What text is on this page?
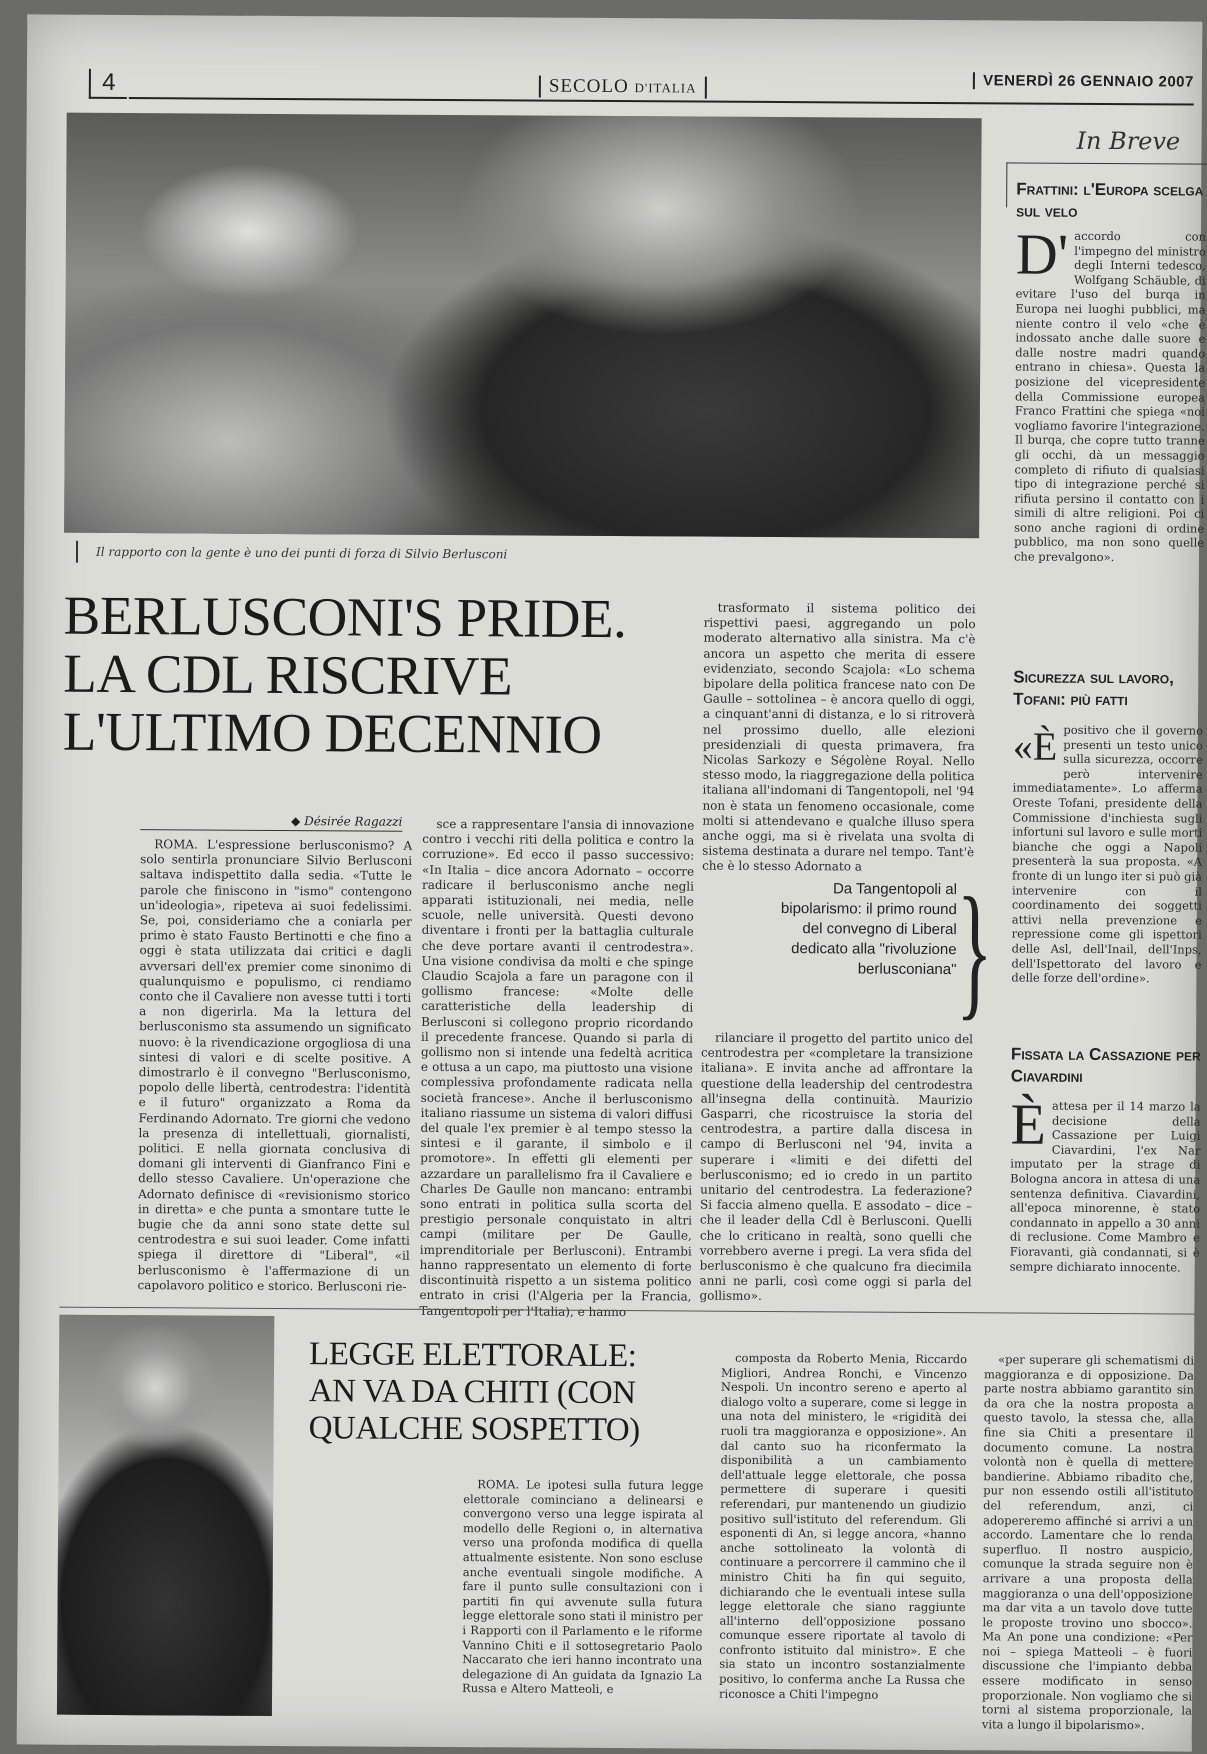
4	SECOLO D'ITALIA	VENERDÌ 26 GENNAIO 2007
Il rapporto con la gente è uno dei punti di forza di Silvio Berlusconi
BERLUSCONI'S PRIDE.
LA CDL RISCRIVE
L'ULTIMO DECENNIO
◆ Désirée Ragazzi

ROMA. L'espressione berlusconismo? A solo sentirla pronunciare Silvio Berlusconi saltava indispettito dalla sedia. «Tutte le parole che finiscono in "ismo" contengono un'ideologia», ripeteva ai suoi fedelissimi. Se, poi, consideriamo che a coniarla per primo è stato Fausto Bertinotti e che fino a oggi è stata utilizzata dai critici e dagli avversari dell'ex premier come sinonimo di qualunquismo e populismo, ci rendiamo conto che il Cavaliere non avesse tutti i torti a non digerirla. Ma la lettura del berlusconismo sta assumendo un significato nuovo: è la rivendicazione orgogliosa di una sintesi di valori e di scelte positive. A dimostrarlo è il convegno "Berlusconismo, popolo delle libertà, centrodestra: l'identità e il futuro" organizzato a Roma da Ferdinando Adornato. Tre giorni che vedono la presenza di intellettuali, giornalisti, politici. E nella giornata conclusiva di domani gli interventi di Gianfranco Fini e dello stesso Cavaliere. Un'operazione che Adornato definisce di «revisionismo storico in diretta» e che punta a smontare tutte le bugie che da anni sono state dette sul centrodestra e sui suoi leader. Come infatti spiega il direttore di "Liberal", «il berlusconismo è l'affermazione di un capolavoro politico e storico. Berlusconi rie-

sce a rappresentare l'ansia di innovazione contro i vecchi riti della politica e contro la corruzione». Ed ecco il passo successivo: «In Italia – dice ancora Adornato – occorre radicare il berlusconismo anche negli apparati istituzionali, nei media, nelle scuole, nelle università. Questi devono diventare i fronti per la battaglia culturale che deve portare avanti il centrodestra». Una visione condivisa da molti e che spinge Claudio Scajola a fare un paragone con il gollismo francese: «Molte delle caratteristiche della leadership di Berlusconi si collegono proprio ricordando il precedente francese. Quando si parla di gollismo non si intende una fedeltà acritica e ottusa a un capo, ma piuttosto una visione complessiva profondamente radicata nella società francese». Anche il berlusconismo italiano riassume un sistema di valori diffusi del quale l'ex premier è al tempo stesso la sintesi e il garante, il simbolo e il promotore». In effetti gli elementi per azzardare un parallelismo fra il Cavaliere e Charles De Gaulle non mancano: entrambi sono entrati in politica sulla scorta del prestigio personale conquistato in altri campi (militare per De Gaulle, imprenditoriale per Berlusconi). Entrambi hanno rappresentato un elemento di forte discontinuità rispetto a un sistema politico entrato in crisi (l'Algeria per la Francia, Tangentopoli per l'Italia), e hanno

trasformato il sistema politico dei rispettivi paesi, aggregando un polo moderato alternativo alla sinistra. Ma c'è ancora un aspetto che merita di essere evidenziato, secondo Scajola: «Lo schema bipolare della politica francese nato con De Gaulle – sottolinea – è ancora quello di oggi, a cinquant'anni di distanza, e lo si ritroverà nel prossimo duello, alle elezioni presidenziali di questa primavera, fra Nicolas Sarkozy e Ségolène Royal. Nello stesso modo, la riaggregazione della politica italiana all'indomani di Tangentopoli, nel '94 non è stata un fenomeno occasionale, come molti si attendevano e qualche illuso spera anche oggi, ma si è rivelata una svolta di sistema destinata a durare nel tempo. Tant'è che è lo stesso Adornato a

Da Tangentopoli al bipolarismo: il primo round del convegno di Liberal dedicato alla "rivoluzione berlusconiana" }

rilanciare il progetto del partito unico del centrodestra per «completare la transizione italiana». E invita anche ad affrontare la questione della leadership del centrodestra all'insegna della continuità. Maurizio Gasparri, che ricostruisce la storia del centrodestra, a partire dalla discesa in campo di Berlusconi nel '94, invita a superare i «limiti e dei difetti del berlusconismo; ed io credo in un partito unitario del centrodestra. La federazione? Si faccia almeno quella. E assodato – dice – che il leader della Cdl è Berlusconi. Quelli che lo criticano in realtà, sono quelli che vorrebbero averne i pregi. La vera sfida del berlusconismo è che qualcuno fra diecimila anni ne parli, così come oggi si parla del gollismo».

In Breve
Frattini: l'Europa scelga sul velo
D' accordo con l'impegno del ministro degli Interni tedesco, Wolfgang Schäuble, di evitare l'uso del burqa in Europa nei luoghi pubblici, ma niente contro il velo «che è indossato anche dalle suore e dalle nostre madri quando entrano in chiesa». Questa la posizione del vicepresidente della Commissione europea Franco Frattini che spiega «noi vogliamo favorire l'integrazione. Il burqa, che copre tutto tranne gli occhi, dà un messaggio completo di rifiuto di qualsiasi tipo di integrazione perché si rifiuta persino il contatto con i simili di altre religioni. Poi ci sono anche ragioni di ordine pubblico, ma non sono quelle che prevalgono».
Sicurezza sul lavoro, Tofani: più fatti
«Èpositivo che il governo presenti un testo unico sulla sicurezza, occorre però intervenire immediatamente». Lo afferma Oreste Tofani, presidente della Commissione d'inchiesta sugli infortuni sul lavoro e sulle morti bianche che oggi a Napoli presenterà la sua proposta. «A fronte di un lungo iter si può già intervenire con il coordinamento dei soggetti attivi nella prevenzione e repressione come gli ispettori delle Asl, dell'Inail, dell'Inps, dell'Ispettorato del lavoro e delle forze dell'ordine».
Fissata la Cassazione per Ciavardini
Èattesa per il 14 marzo la decisione della Cassazione per Luigi Ciavardini, l'ex Nar imputato per la strage di Bologna ancora in attesa di una sentenza definitiva. Ciavardini, all'epoca minorenne, è stato condannato in appello a 30 anni di reclusione. Come Mambro e Fioravanti, già condannati, si è sempre dichiarato innocente.
LEGGE ELETTORALE:
AN VA DA CHITI (CON
QUALCHE SOSPETTO)

ROMA. Le ipotesi sulla futura legge elettorale cominciano a delinearsi e convergono verso una legge ispirata al modello delle Regioni o, in alternativa verso una profonda modifica di quella attualmente esistente. Non sono escluse anche eventuali singole modifiche. A fare il punto sulle consultazioni con i partiti fin qui avvenute sulla futura legge elettorale sono stati il ministro per i Rapporti con il Parlamento e le riforme Vannino Chiti e il sottosegretario Paolo Naccarato che ieri hanno incontrato una delegazione di An guidata da Ignazio La Russa e Altero Matteoli, e

composta da Roberto Menia, Riccardo Migliori, Andrea Ronchi, e Vincenzo Nespoli. Un incontro sereno e aperto al dialogo volto a superare, come si legge in una nota del ministero, le «rigidità dei ruoli tra maggioranza e opposizione». An dal canto suo ha riconfermato la disponibilità a un cambiamento dell'attuale legge elettorale, che possa permettere di superare i quesiti referendari, pur mantenendo un giudizio positivo sull'istituto del referendum. Gli esponenti di An, si legge ancora, «hanno anche sottolineato la volontà di continuare a percorrere il cammino che il ministro Chiti ha fin qui seguito, dichiarando che le eventuali intese sulla legge elettorale che siano raggiunte all'interno dell'opposizione possano comunque essere riportate al tavolo di confronto istituito dal ministro». E che sia stato un incontro sostanzialmente positivo, lo conferma anche La Russa che riconosce a Chiti l'impegno

«per superare gli schematismi di maggioranza e di opposizione. Da parte nostra abbiamo garantito sin da ora che la nostra proposta a questo tavolo, la stessa che, alla fine sia Chiti a presentare il documento comune. La nostra volontà non è quella di mettere bandierine. Abbiamo ribadito che, pur non essendo ostili all'istituto del referendum, anzi, ci adopereremo affinché si arrivi a un accordo. Lamentare che lo renda superfluo. Il nostro auspicio, comunque la strada seguire non è arrivare a una proposta della maggioranza o una dell'opposizione ma dar vita a un tavolo dove tutte le proposte trovino uno sbocco». Ma An pone una condizione: «Per noi – spiega Matteoli – è fuori discussione che l'impianto debba essere modificato in senso proporzionale. Non vogliamo che si torni al sistema proporzionale, la vita a lungo il bipolarismo».
